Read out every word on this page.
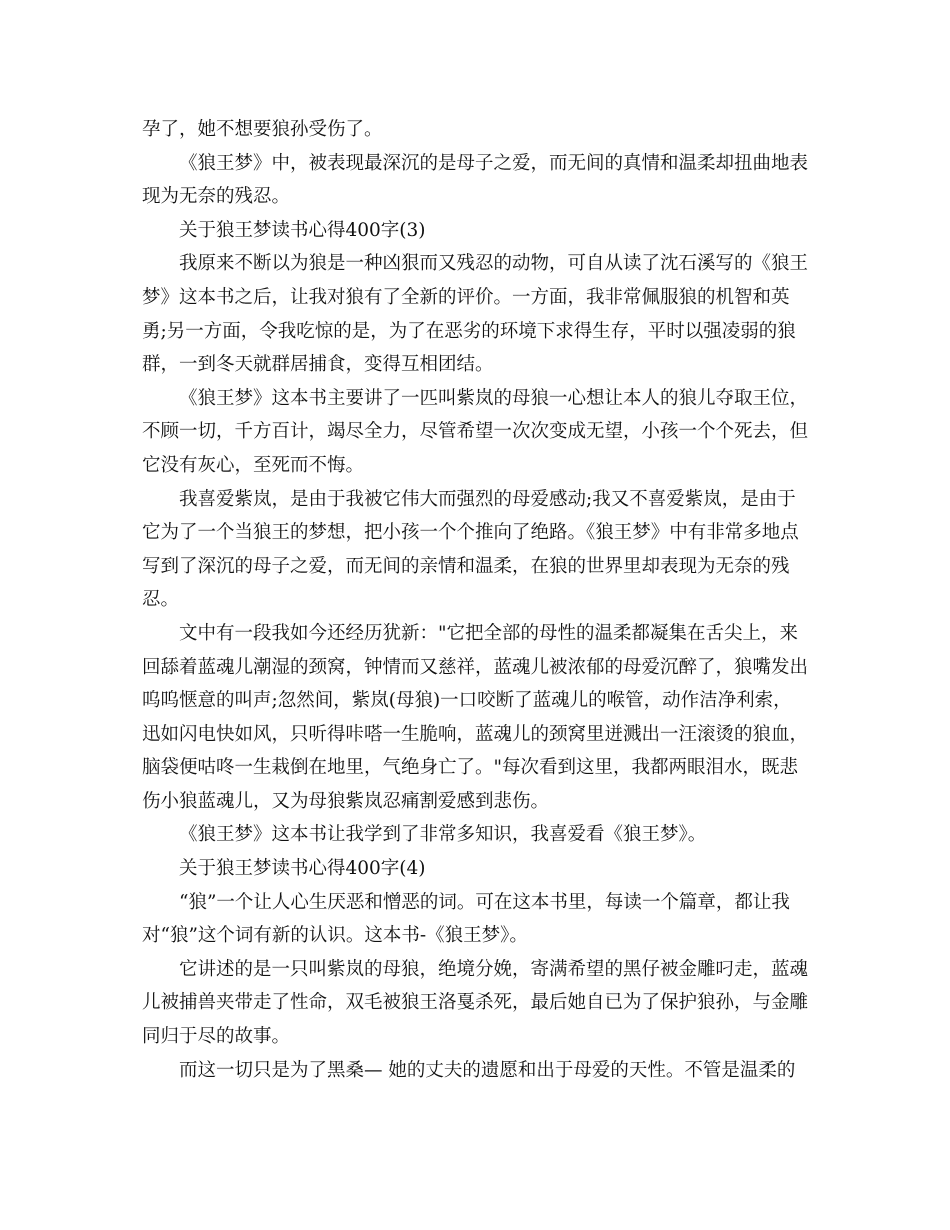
孕了，她不想要狼孙受伤了。

《狼王梦》中，被表现最深沉的是母子之爱，而无间的真情和温柔却扭曲地表现为无奈的残忍。

关于狼王梦读书心得400字(3)

我原来不断以为狼是一种凶狠而又残忍的动物，可自从读了沈石溪写的《狼王梦》这本书之后，让我对狼有了全新的评价。一方面，我非常佩服狼的机智和英勇;另一方面，令我吃惊的是，为了在恶劣的环境下求得生存，平时以强凌弱的狼群，一到冬天就群居捕食，变得互相团结。

《狼王梦》这本书主要讲了一匹叫紫岚的母狼一心想让本人的狼儿夺取王位，不顾一切，千方百计，竭尽全力，尽管希望一次次变成无望，小孩一个个死去，但它没有灰心，至死而不悔。

我喜爱紫岚，是由于我被它伟大而强烈的母爱感动;我又不喜爱紫岚，是由于它为了一个当狼王的梦想，把小孩一个个推向了绝路。《狼王梦》中有非常多地点写到了深沉的母子之爱，而无间的亲情和温柔，在狼的世界里却表现为无奈的残忍。

文中有一段我如今还经历犹新："它把全部的母性的温柔都凝集在舌尖上，来回舔着蓝魂儿潮湿的颈窝，钟情而又慈祥，蓝魂儿被浓郁的母爱沉醉了，狼嘴发出呜呜惬意的叫声;忽然间，紫岚(母狼)一口咬断了蓝魂儿的喉管，动作洁净利索，迅如闪电快如风，只听得咔嗒一生脆响，蓝魂儿的颈窝里迸溅出一汪滚烫的狼血，脑袋便咕咚一生栽倒在地里，气绝身亡了。"每次看到这里，我都两眼泪水，既悲伤小狼蓝魂儿，又为母狼紫岚忍痛割爱感到悲伤。

《狼王梦》这本书让我学到了非常多知识，我喜爱看《狼王梦》。

关于狼王梦读书心得400字(4)

“狼”一个让人心生厌恶和憎恶的词。可在这本书里，每读一个篇章，都让我对“狼”这个词有新的认识。这本书-《狼王梦》。

它讲述的是一只叫紫岚的母狼，绝境分娩，寄满希望的黑仔被金雕叼走，蓝魂儿被捕兽夹带走了性命，双毛被狼王洛戛杀死，最后她自已为了保护狼孙，与金雕同归于尽的故事。

而这一切只是为了黑桑— 她的丈夫的遗愿和出于母爱的天性。不管是温柔的
